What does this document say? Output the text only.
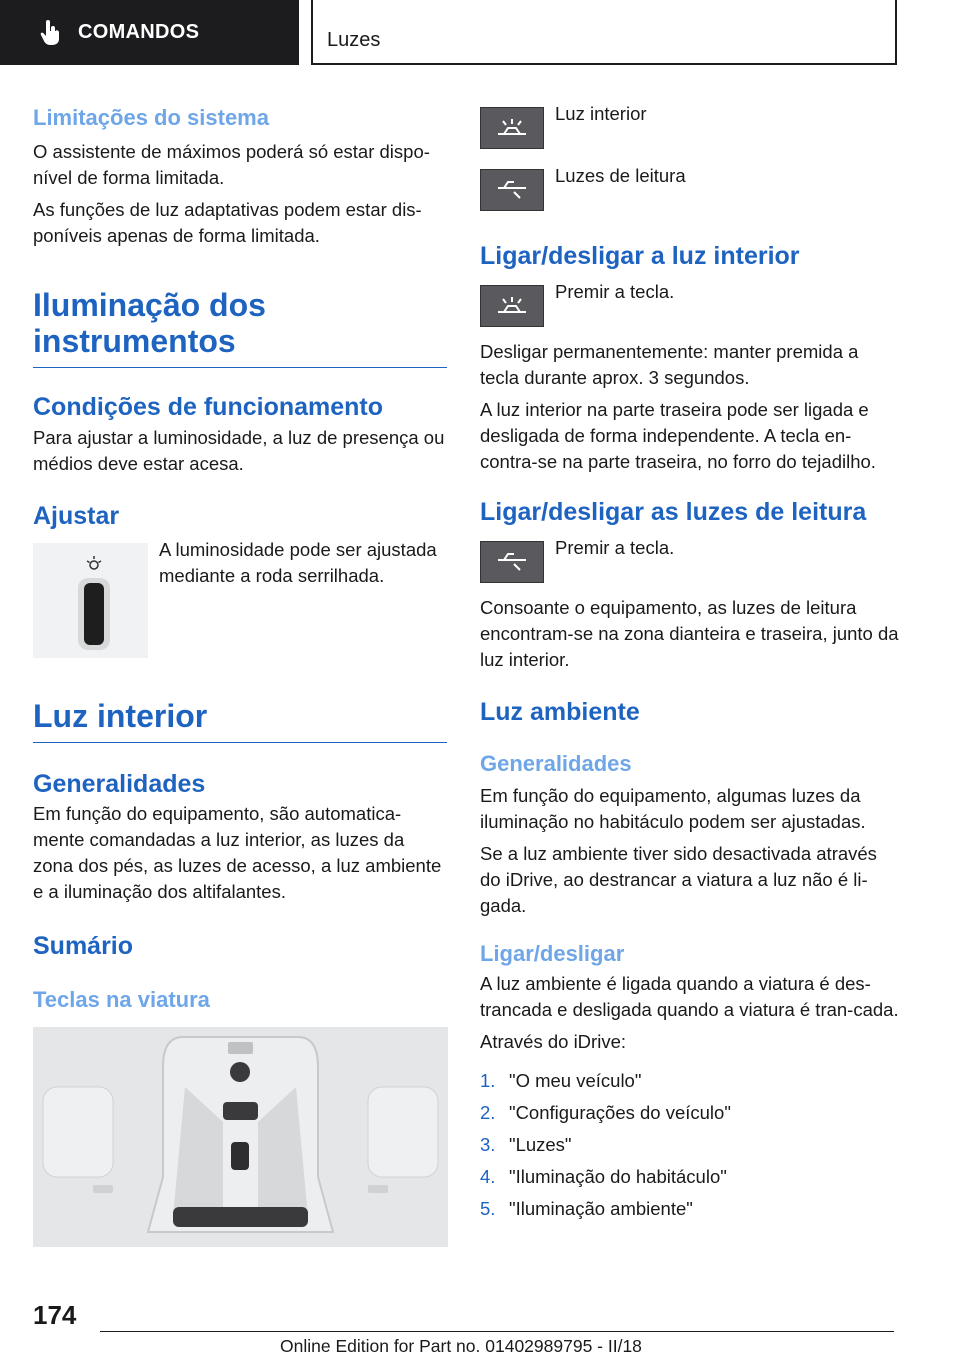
COMANDOS	Luzes
Limitações do sistema

O assistente de máximos poderá só estar dispo-nível de forma limitada.

As funções de luz adaptativas podem estar dis-poníveis apenas de forma limitada.

Iluminação dos instrumentos
Condições de funcionamento

Para ajustar a luminosidade, a luz de presença ou médios deve estar acesa.

Ajustar

A luminosidade pode ser ajustada mediante a roda serrilhada.

Luz interior
Generalidades

Em função do equipamento, são automatica-mente comandadas a luz interior, as luzes da zona dos pés, as luzes de acesso, a luz ambiente e a iluminação dos altifalantes.

Sumário
Teclas na viatura
Luz interior
Luzes de leitura
Ligar/desligar a luz interior
Premir a tecla.

Desligar permanentemente: manter premida a tecla durante aprox. 3 segundos.

A luz interior na parte traseira pode ser ligada e desligada de forma independente. A tecla en-contra-se na parte traseira, no forro do tejadilho.

Ligar/desligar as luzes de leitura
Premir a tecla.

Consoante o equipamento, as luzes de leitura encontram-se na zona dianteira e traseira, junto da luz interior.

Luz ambiente
Generalidades

Em função do equipamento, algumas luzes da iluminação no habitáculo podem ser ajustadas.

Se a luz ambiente tiver sido desactivada através do iDrive, ao destrancar a viatura a luz não é li-gada.

Ligar/desligar

A luz ambiente é ligada quando a viatura é des-trancada e desligada quando a viatura é tran-cada.

Através do iDrive:

1. "O meu veículo"
2. "Configurações do veículo"
3. "Luzes"
4. "Iluminação do habitáculo"
5. "Iluminação ambiente"
174
Online Edition for Part no. 01402989795 - II/18
